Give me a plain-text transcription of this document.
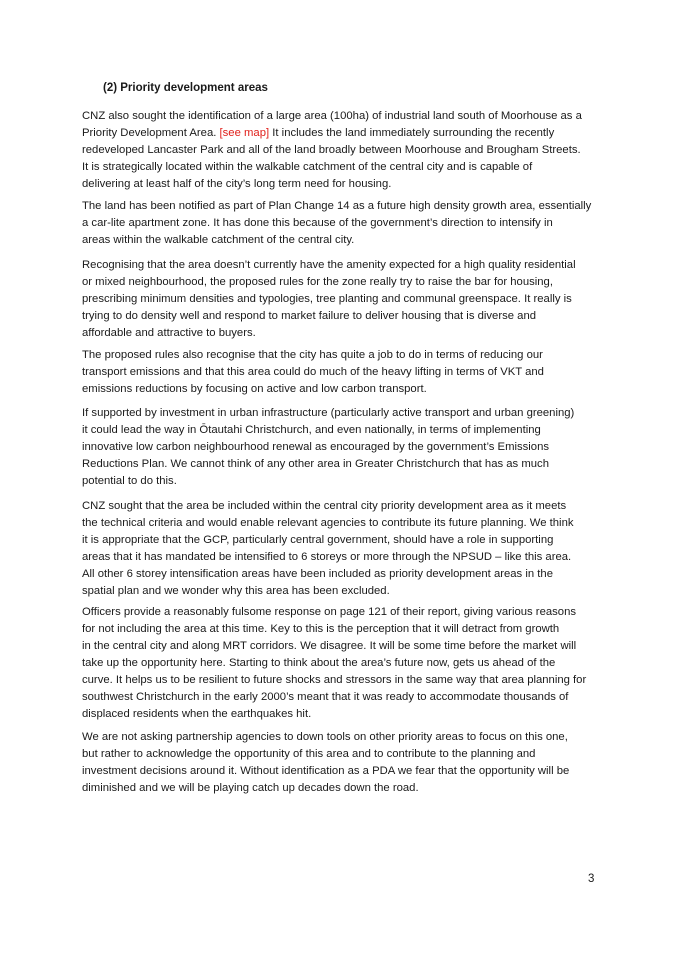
(2) Priority development areas

CNZ also sought the identification of a large area (100ha) of industrial land south of Moorhouse as a
Priority Development Area. [see map] It includes the land immediately surrounding the recently
redeveloped Lancaster Park and all of the land broadly between Moorhouse and Brougham Streets.
It is strategically located within the walkable catchment of the central city and is capable of
delivering at least half of the city’s long term need for housing.

The land has been notified as part of Plan Change 14 as a future high density growth area, essentially
a car-lite apartment zone. It has done this because of the government’s direction to intensify in
areas within the walkable catchment of the central city.

Recognising that the area doesn’t currently have the amenity expected for a high quality residential
or mixed neighbourhood, the proposed rules for the zone really try to raise the bar for housing,
prescribing minimum densities and typologies, tree planting and communal greenspace. It really is
trying to do density well and respond to market failure to deliver housing that is diverse and
affordable and attractive to buyers.

The proposed rules also recognise that the city has quite a job to do in terms of reducing our
transport emissions and that this area could do much of the heavy lifting in terms of VKT and
emissions reductions by focusing on active and low carbon transport.

If supported by investment in urban infrastructure (particularly active transport and urban greening)
it could lead the way in Ōtautahi Christchurch, and even nationally, in terms of implementing
innovative low carbon neighbourhood renewal as encouraged by the government’s Emissions
Reductions Plan. We cannot think of any other area in Greater Christchurch that has as much
potential to do this.

CNZ sought that the area be included within the central city priority development area as it meets
the technical criteria and would enable relevant agencies to contribute its future planning. We think
it is appropriate that the GCP, particularly central government, should have a role in supporting
areas that it has mandated be intensified to 6 storeys or more through the NPSUD – like this area.
All other 6 storey intensification areas have been included as priority development areas in the
spatial plan and we wonder why this area has been excluded.

Officers provide a reasonably fulsome response on page 121 of their report, giving various reasons
for not including the area at this time. Key to this is the perception that it will detract from growth
in the central city and along MRT corridors. We disagree. It will be some time before the market will
take up the opportunity here. Starting to think about the area’s future now, gets us ahead of the
curve. It helps us to be resilient to future shocks and stressors in the same way that area planning for
southwest Christchurch in the early 2000’s meant that it was ready to accommodate thousands of
displaced residents when the earthquakes hit.

We are not asking partnership agencies to down tools on other priority areas to focus on this one,
but rather to acknowledge the opportunity of this area and to contribute to the planning and
investment decisions around it. Without identification as a PDA we fear that the opportunity will be
diminished and we will be playing catch up decades down the road.

3
